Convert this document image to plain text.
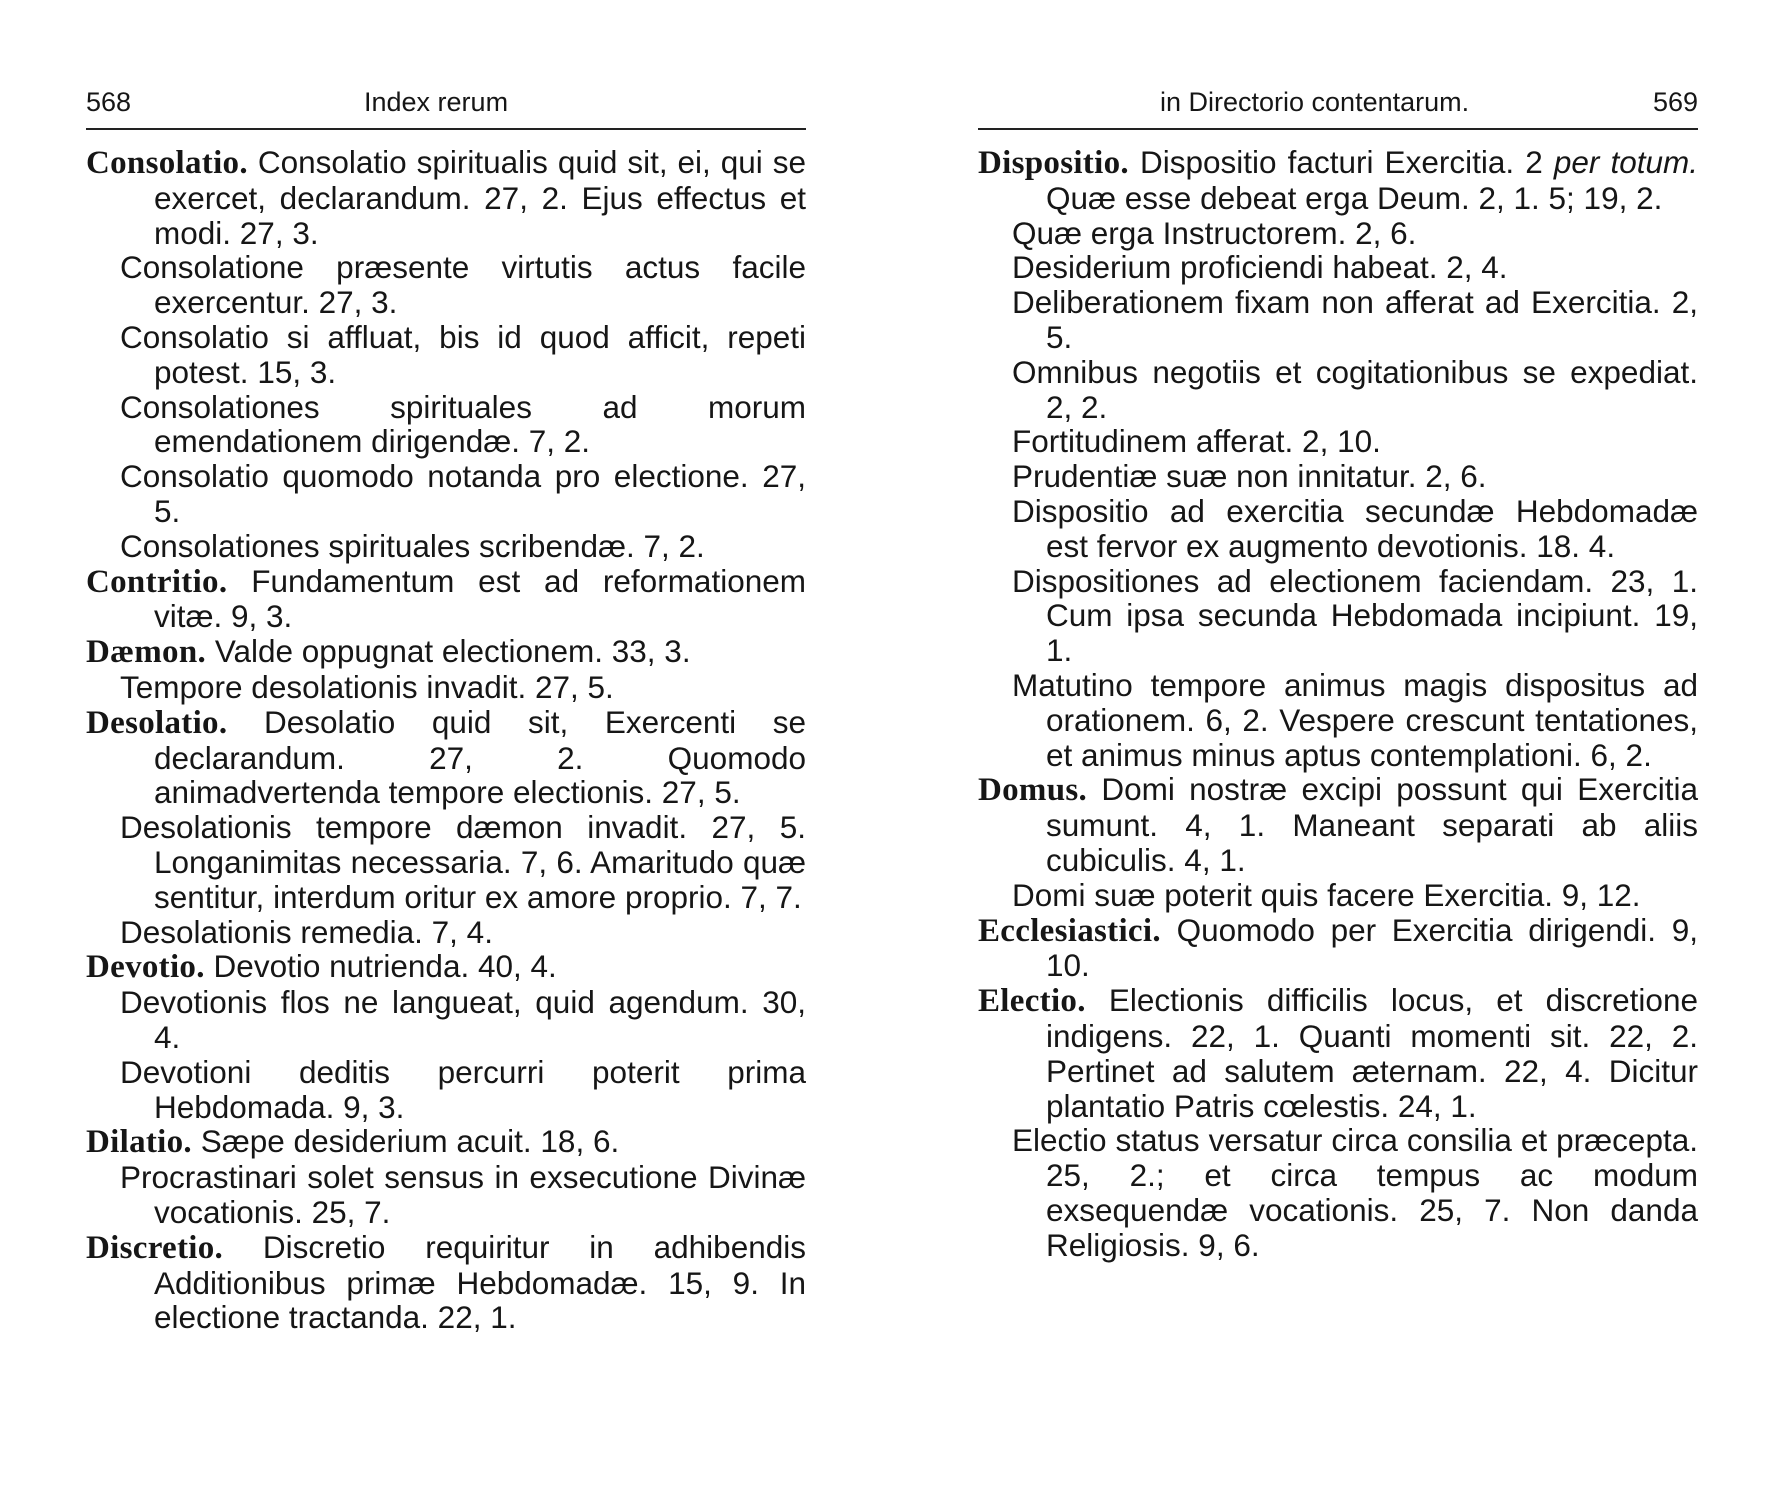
568	Index rerum

Consolatio. Consolatio spiritualis quid sit, ei, qui se exercet, declarandum. 27, 2. Ejus effectus et modi. 27, 3.

Consolatione præsente virtutis actus facile exercentur. 27, 3.

Consolatio si affluat, bis id quod afficit, repeti potest. 15, 3.

Consolationes spirituales ad morum emendationem dirigendæ. 7, 2.

Consolatio quomodo notanda pro electione. 27, 5.

Consolationes spirituales scribendæ. 7, 2.

Contritio. Fundamentum est ad reformationem vitæ. 9, 3.

Dæmon. Valde oppugnat electionem. 33, 3.

Tempore desolationis invadit. 27, 5.

Desolatio. Desolatio quid sit, Exercenti se declarandum. 27, 2. Quomodo animadvertenda tempore electionis. 27, 5.

Desolationis tempore dæmon invadit. 27, 5. Longanimitas necessaria. 7, 6. Amaritudo quæ sentitur, interdum oritur ex amore proprio. 7, 7.

Desolationis remedia. 7, 4.

Devotio. Devotio nutrienda. 40, 4.

Devotionis flos ne langueat, quid agendum. 30, 4.

Devotioni deditis percurri poterit prima Hebdomada. 9, 3.

Dilatio. Sæpe desiderium acuit. 18, 6.

Procrastinari solet sensus in exsecutione Divinæ vocationis. 25, 7.

Discretio. Discretio requiritur in adhibendis Additionibus primæ Hebdomadæ. 15, 9. In electione tractanda. 22, 1.

in Directorio contentarum.	569

Dispositio. Dispositio facturi Exercitia. 2 per totum. Quæ esse debeat erga Deum. 2, 1. 5; 19, 2.

Quæ erga Instructorem. 2, 6.

Desiderium proficiendi habeat. 2, 4.

Deliberationem fixam non afferat ad Exercitia. 2, 5.

Omnibus negotiis et cogitationibus se expediat. 2, 2.

Fortitudinem afferat. 2, 10.

Prudentiæ suæ non innitatur. 2, 6.

Dispositio ad exercitia secundæ Hebdomadæ est fervor ex augmento devotionis. 18. 4.

Dispositiones ad electionem faciendam. 23, 1. Cum ipsa secunda Hebdomada incipiunt. 19, 1.

Matutino tempore animus magis dispositus ad orationem. 6, 2. Vespere crescunt tentationes, et animus minus aptus contemplationi. 6, 2.

Domus. Domi nostræ excipi possunt qui Exercitia sumunt. 4, 1. Maneant separati ab aliis cubiculis. 4, 1.

Domi suæ poterit quis facere Exercitia. 9, 12.

Ecclesiastici. Quomodo per Exercitia dirigendi. 9, 10.

Electio. Electionis difficilis locus, et discretione indigens. 22, 1. Quanti momenti sit. 22, 2. Pertinet ad salutem æternam. 22, 4. Dicitur plantatio Patris cœlestis. 24, 1.

Electio status versatur circa consilia et præcepta. 25, 2.; et circa tempus ac modum exsequendæ vocationis. 25, 7. Non danda Religiosis. 9, 6.
